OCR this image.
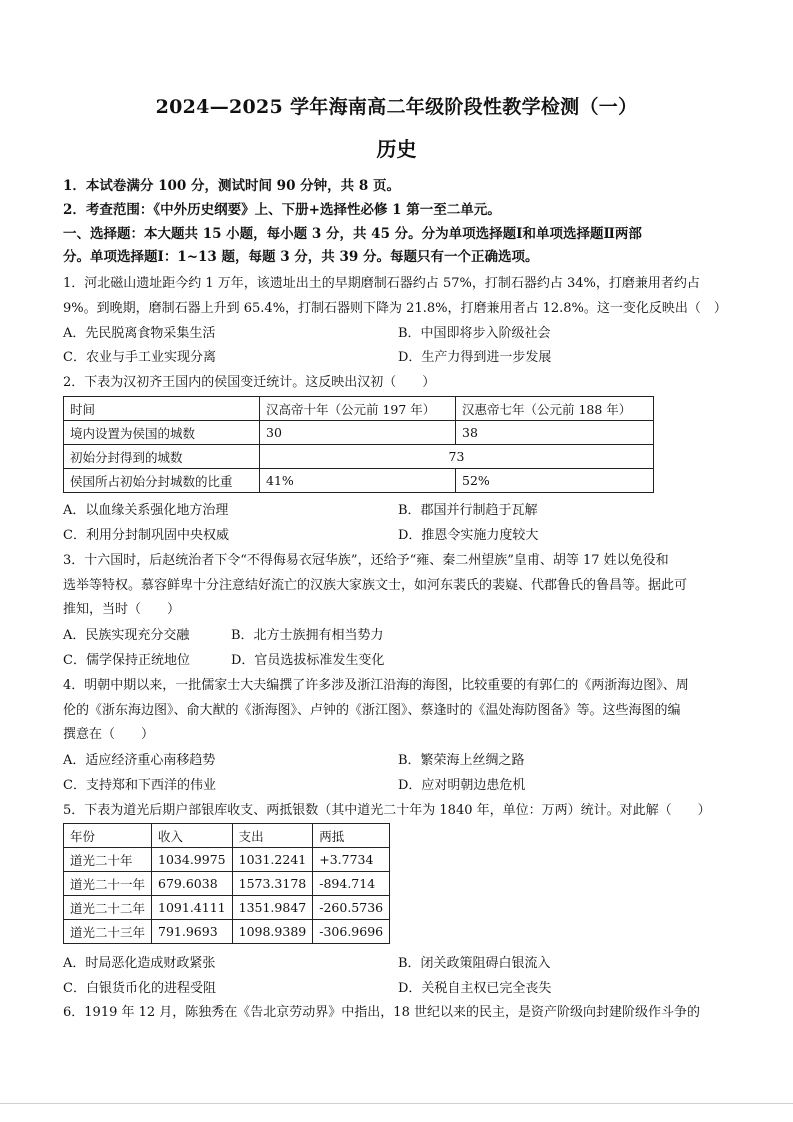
2024—2025 学年海南高二年级阶段性教学检测（一）
历史
1．本试卷满分 100 分，测试时间 90 分钟，共 8 页。
2．考查范围：《中外历史纲要》上、下册+选择性必修 1 第一至二单元。
一、选择题：本大题共 15 小题，每小题 3 分，共 45 分。分为单项选择题Ⅰ和单项选择题Ⅱ两部
分。单项选择题Ⅰ：1~13 题，每题 3 分，共 39 分。每题只有一个正确选项。
1．河北磁山遗址距今约 1 万年，该遗址出土的早期磨制石器约占 57%，打制石器约占 34%，打磨兼用者约占
9%。到晚期，磨制石器上升到 65.4%，打制石器则下降为 21.8%，打磨兼用者占 12.8%。这一变化反映出（　）
A．先民脱离食物采集生活	B．中国即将步入阶级社会
C．农业与手工业实现分离	D．生产力得到进一步发展
2．下表为汉初齐王国内的侯国变迁统计。这反映出汉初（　　）
时间	汉高帝十年（公元前 197 年）	汉惠帝七年（公元前 188 年）
境内设置为侯国的城数	30	38
初始分封得到的城数	73	
侯国所占初始分封城数的比重	41%	52%
A．以血缘关系强化地方治理	B．郡国并行制趋于瓦解
C．利用分封制巩固中央权威	D．推恩令实施力度较大
3．十六国时，后赵统治者下令“不得侮易衣冠华族”，还给予“雍、秦二州望族”皇甫、胡等 17 姓以免役和
选举等特权。慕容鲜卑十分注意结好流亡的汉族大家族文士，如河东裴氏的裴嶷、代郡鲁氏的鲁昌等。据此可
推知，当时（　　）
A．民族实现充分交融	B．北方士族拥有相当势力
C．儒学保持正统地位	D．官员选拔标准发生变化
4．明朝中期以来，一批儒家士大夫编撰了许多涉及浙江沿海的海图，比较重要的有郭仁的《两浙海边图》、周
伦的《浙东海边图》、俞大猷的《浙海图》、卢钟的《浙江图》、蔡逢时的《温处海防图备》等。这些海图的编
撰意在（　　）
A．适应经济重心南移趋势	B．繁荣海上丝绸之路
C．支持郑和下西洋的伟业	D．应对明朝边患危机
5．下表为道光后期户部银库收支、两抵银数（其中道光二十年为 1840 年，单位：万两）统计。对此解（　　）
年份	收入	支出	两抵
道光二十年	1034.9975	1031.2241	+3.7734
道光二十一年	679.6038	1573.3178	-894.714
道光二十二年	1091.4111	1351.9847	-260.5736
道光二十三年	791.9693	1098.9389	-306.9696
A．时局恶化造成财政紧张	B．闭关政策阻碍白银流入
C．白银货币化的进程受阻	D．关税自主权已完全丧失
6．1919 年 12 月，陈独秀在《告北京劳动界》中指出，18 世纪以来的民主，是资产阶级向封建阶级作斗争的
